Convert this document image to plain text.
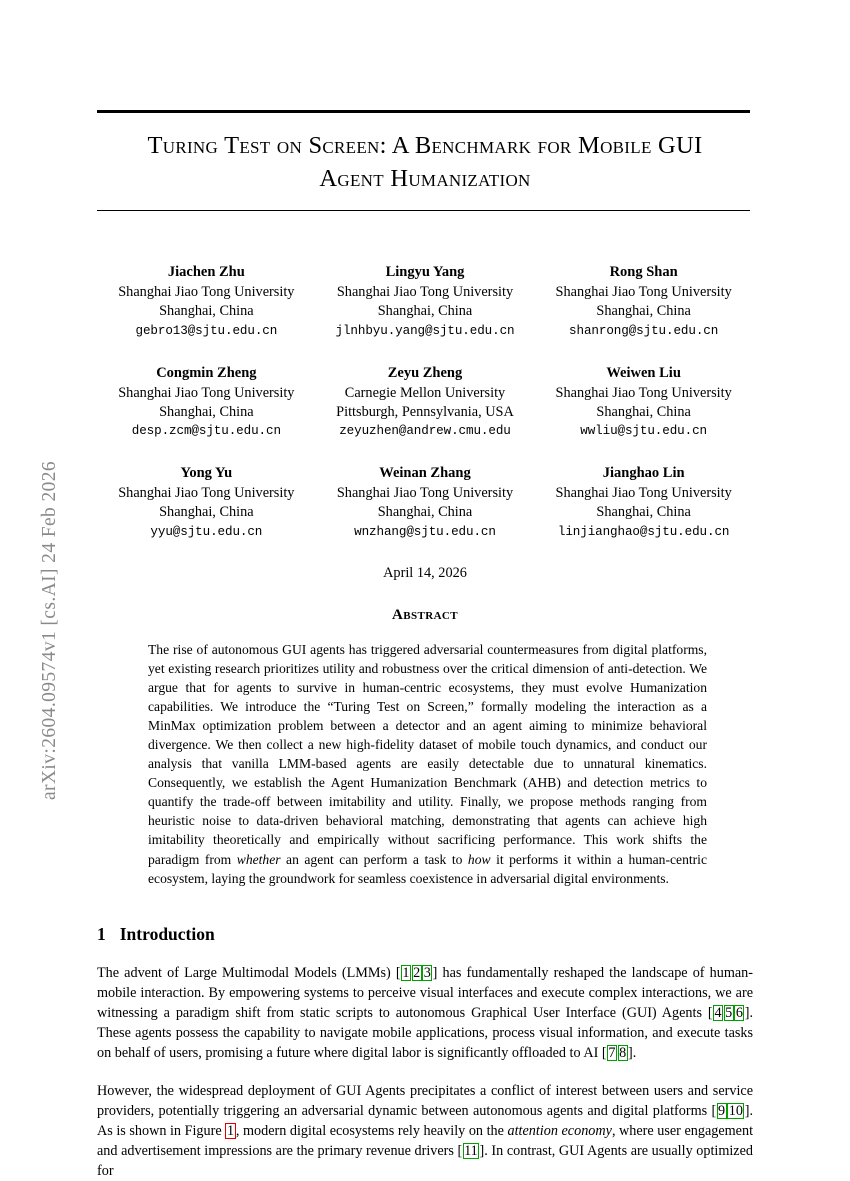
arXiv:2604.09574v1 [cs.AI] 24 Feb 2026
Turing Test on Screen: A Benchmark for Mobile GUI Agent Humanization
Jiachen Zhu
Shanghai Jiao Tong University
Shanghai, China
gebro13@sjtu.edu.cn
Lingyu Yang
Shanghai Jiao Tong University
Shanghai, China
jlnhbyu.yang@sjtu.edu.cn
Rong Shan
Shanghai Jiao Tong University
Shanghai, China
shanrong@sjtu.edu.cn
Congmin Zheng
Shanghai Jiao Tong University
Shanghai, China
desp.zcm@sjtu.edu.cn
Zeyu Zheng
Carnegie Mellon University
Pittsburgh, Pennsylvania, USA
zeyuzhen@andrew.cmu.edu
Weiwen Liu
Shanghai Jiao Tong University
Shanghai, China
wwliu@sjtu.edu.cn
Yong Yu
Shanghai Jiao Tong University
Shanghai, China
yyu@sjtu.edu.cn
Weinan Zhang
Shanghai Jiao Tong University
Shanghai, China
wnzhang@sjtu.edu.cn
Jianghao Lin
Shanghai Jiao Tong University
Shanghai, China
linjianghao@sjtu.edu.cn
April 14, 2026
Abstract
The rise of autonomous GUI agents has triggered adversarial countermeasures from digital platforms, yet existing research prioritizes utility and robustness over the critical dimension of anti-detection. We argue that for agents to survive in human-centric ecosystems, they must evolve Humanization capabilities. We introduce the “Turing Test on Screen,” formally modeling the interaction as a MinMax optimization problem between a detector and an agent aiming to minimize behavioral divergence. We then collect a new high-fidelity dataset of mobile touch dynamics, and conduct our analysis that vanilla LMM-based agents are easily detectable due to unnatural kinematics. Consequently, we establish the Agent Humanization Benchmark (AHB) and detection metrics to quantify the trade-off between imitability and utility. Finally, we propose methods ranging from heuristic noise to data-driven behavioral matching, demonstrating that agents can achieve high imitability theoretically and empirically without sacrificing performance. This work shifts the paradigm from whether an agent can perform a task to how it performs it within a human-centric ecosystem, laying the groundwork for seamless coexistence in adversarial digital environments.
1 Introduction

The advent of Large Multimodal Models (LMMs) [ 1 2 3 ] has fundamentally reshaped the landscape of human-mobile interaction. By empowering systems to perceive visual interfaces and execute complex interactions, we are witnessing a paradigm shift from static scripts to autonomous Graphical User Interface (GUI) Agents [ 4 5 6 ]. These agents possess the capability to navigate mobile applications, process visual information, and execute tasks on behalf of users, promising a future where digital labor is significantly offloaded to AI [ 7 8 ].

However, the widespread deployment of GUI Agents precipitates a conflict of interest between users and service providers, potentially triggering an adversarial dynamic between autonomous agents and digital platforms [ 9 10 ]. As is shown in Figure 1 , modern digital ecosystems rely heavily on the attention economy, where user engagement and advertisement impressions are the primary revenue drivers [ 11 ]. In contrast, GUI Agents are usually optimized for
